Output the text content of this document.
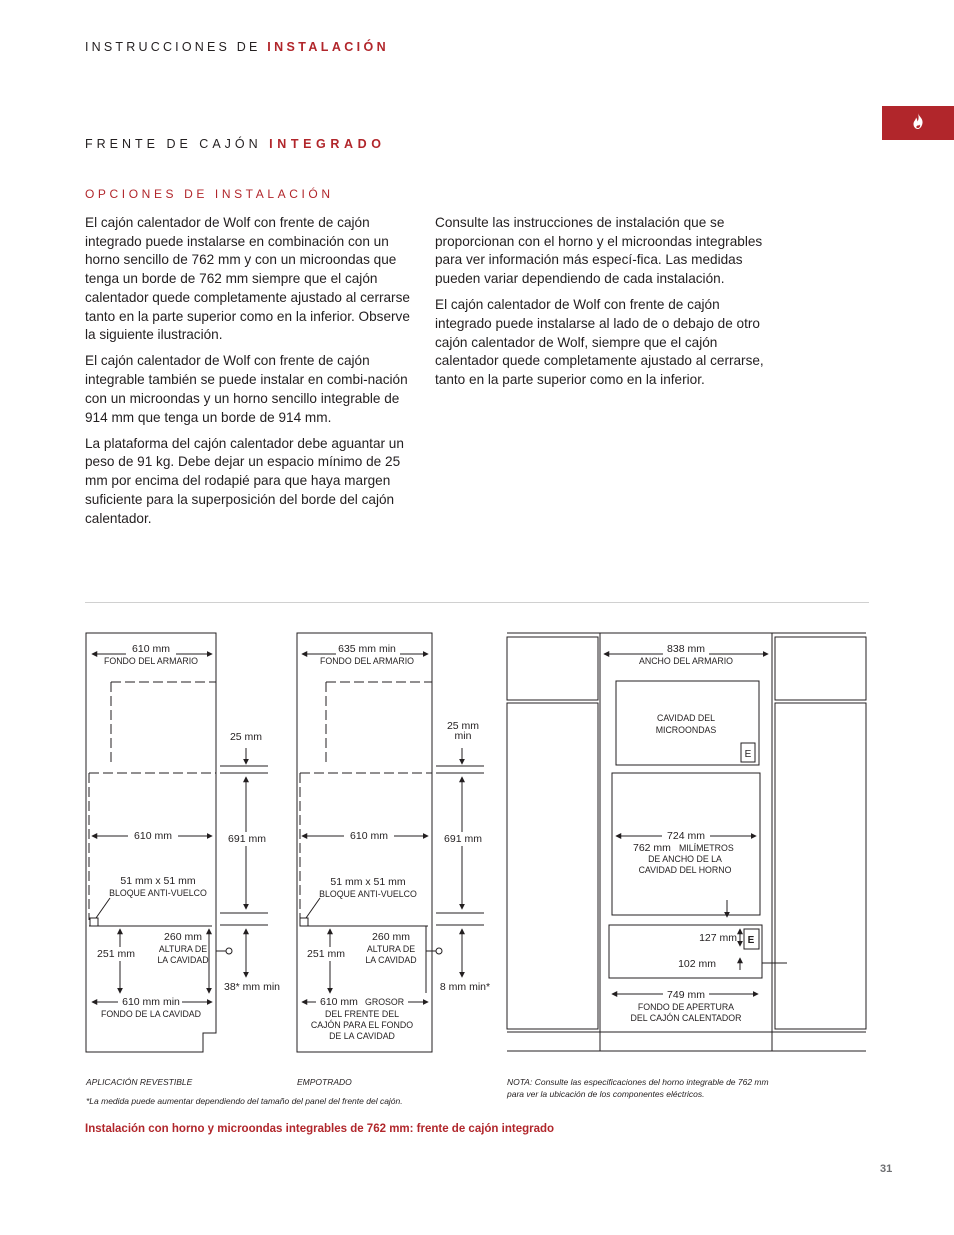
INSTRUCCIONES DE INSTALACIÓN
FRENTE DE CAJÓN INTEGRADO
OPCIONES DE INSTALACIÓN

El cajón calentador de Wolf con frente de cajón integrado puede instalarse en combinación con un horno sencillo de 762 mm y con un microondas que tenga un borde de 762 mm siempre que el cajón calentador quede completamente ajustado al cerrarse tanto en la parte superior como en la inferior. Observe la siguiente ilustración.

El cajón calentador de Wolf con frente de cajón integrable también se puede instalar en combi-nación con un microondas y un horno sencillo integrable de 914 mm que tenga un borde de 914 mm.

La plataforma del cajón calentador debe aguantar un peso de 91 kg. Debe dejar un espacio mínimo de 25 mm por encima del rodapié para que haya margen suficiente para la superposición del borde del cajón calentador.

Consulte las instrucciones de instalación que se proporcionan con el horno y el microondas integrables para ver información más especí-fica. Las medidas pueden variar dependiendo de cada instalación.

El cajón calentador de Wolf con frente de cajón integrado puede instalarse al lado de o debajo de otro cajón calentador de Wolf, siempre que el cajón calentador quede completamente ajustado al cerrarse, tanto en la parte superior como en la inferior.

610 mm
FONDO DEL ARMARIO
25 mm
610 mm	691 mm
51 mm x 51 mm
BLOQUE ANTI-VUELCO
260 mm
ALTURA DE
LA CAVIDAD
251 mm
38* mm min
610 mm min
FONDO DE LA CAVIDAD
635 mm min
FONDO DEL ARMARIO
25 mm
min
610 mm	691 mm
51 mm x 51 mm
BLOQUE ANTI-VUELCO
260 mm
ALTURA DE
LA CAVIDAD
251 mm
8 mm min*
610 mm GROSOR
DEL FRENTE DEL
CAJÓN PARA EL FONDO
DE LA CAVIDAD
838 mm
ANCHO DEL ARMARIO
CAVIDAD DEL
MICROONDAS
E
724 mm
762 mm MILÍMETROS
DE ANCHO DE LA
CAVIDAD DEL HORNO
127 mm E
102 mm
749 mm
FONDO DE APERTURA
DEL CAJÓN CALENTADOR
APLICACIÓN REVESTIBLE	EMPOTRADO
*La medida puede aumentar dependiendo del tamaño del panel del frente del cajón.
NOTA: Consulte las especificaciones del horno integrable de 762 mm
para ver la ubicación de los componentes eléctricos.
Instalación con horno y microondas integrables de 762 mm: frente de cajón integrado
31
